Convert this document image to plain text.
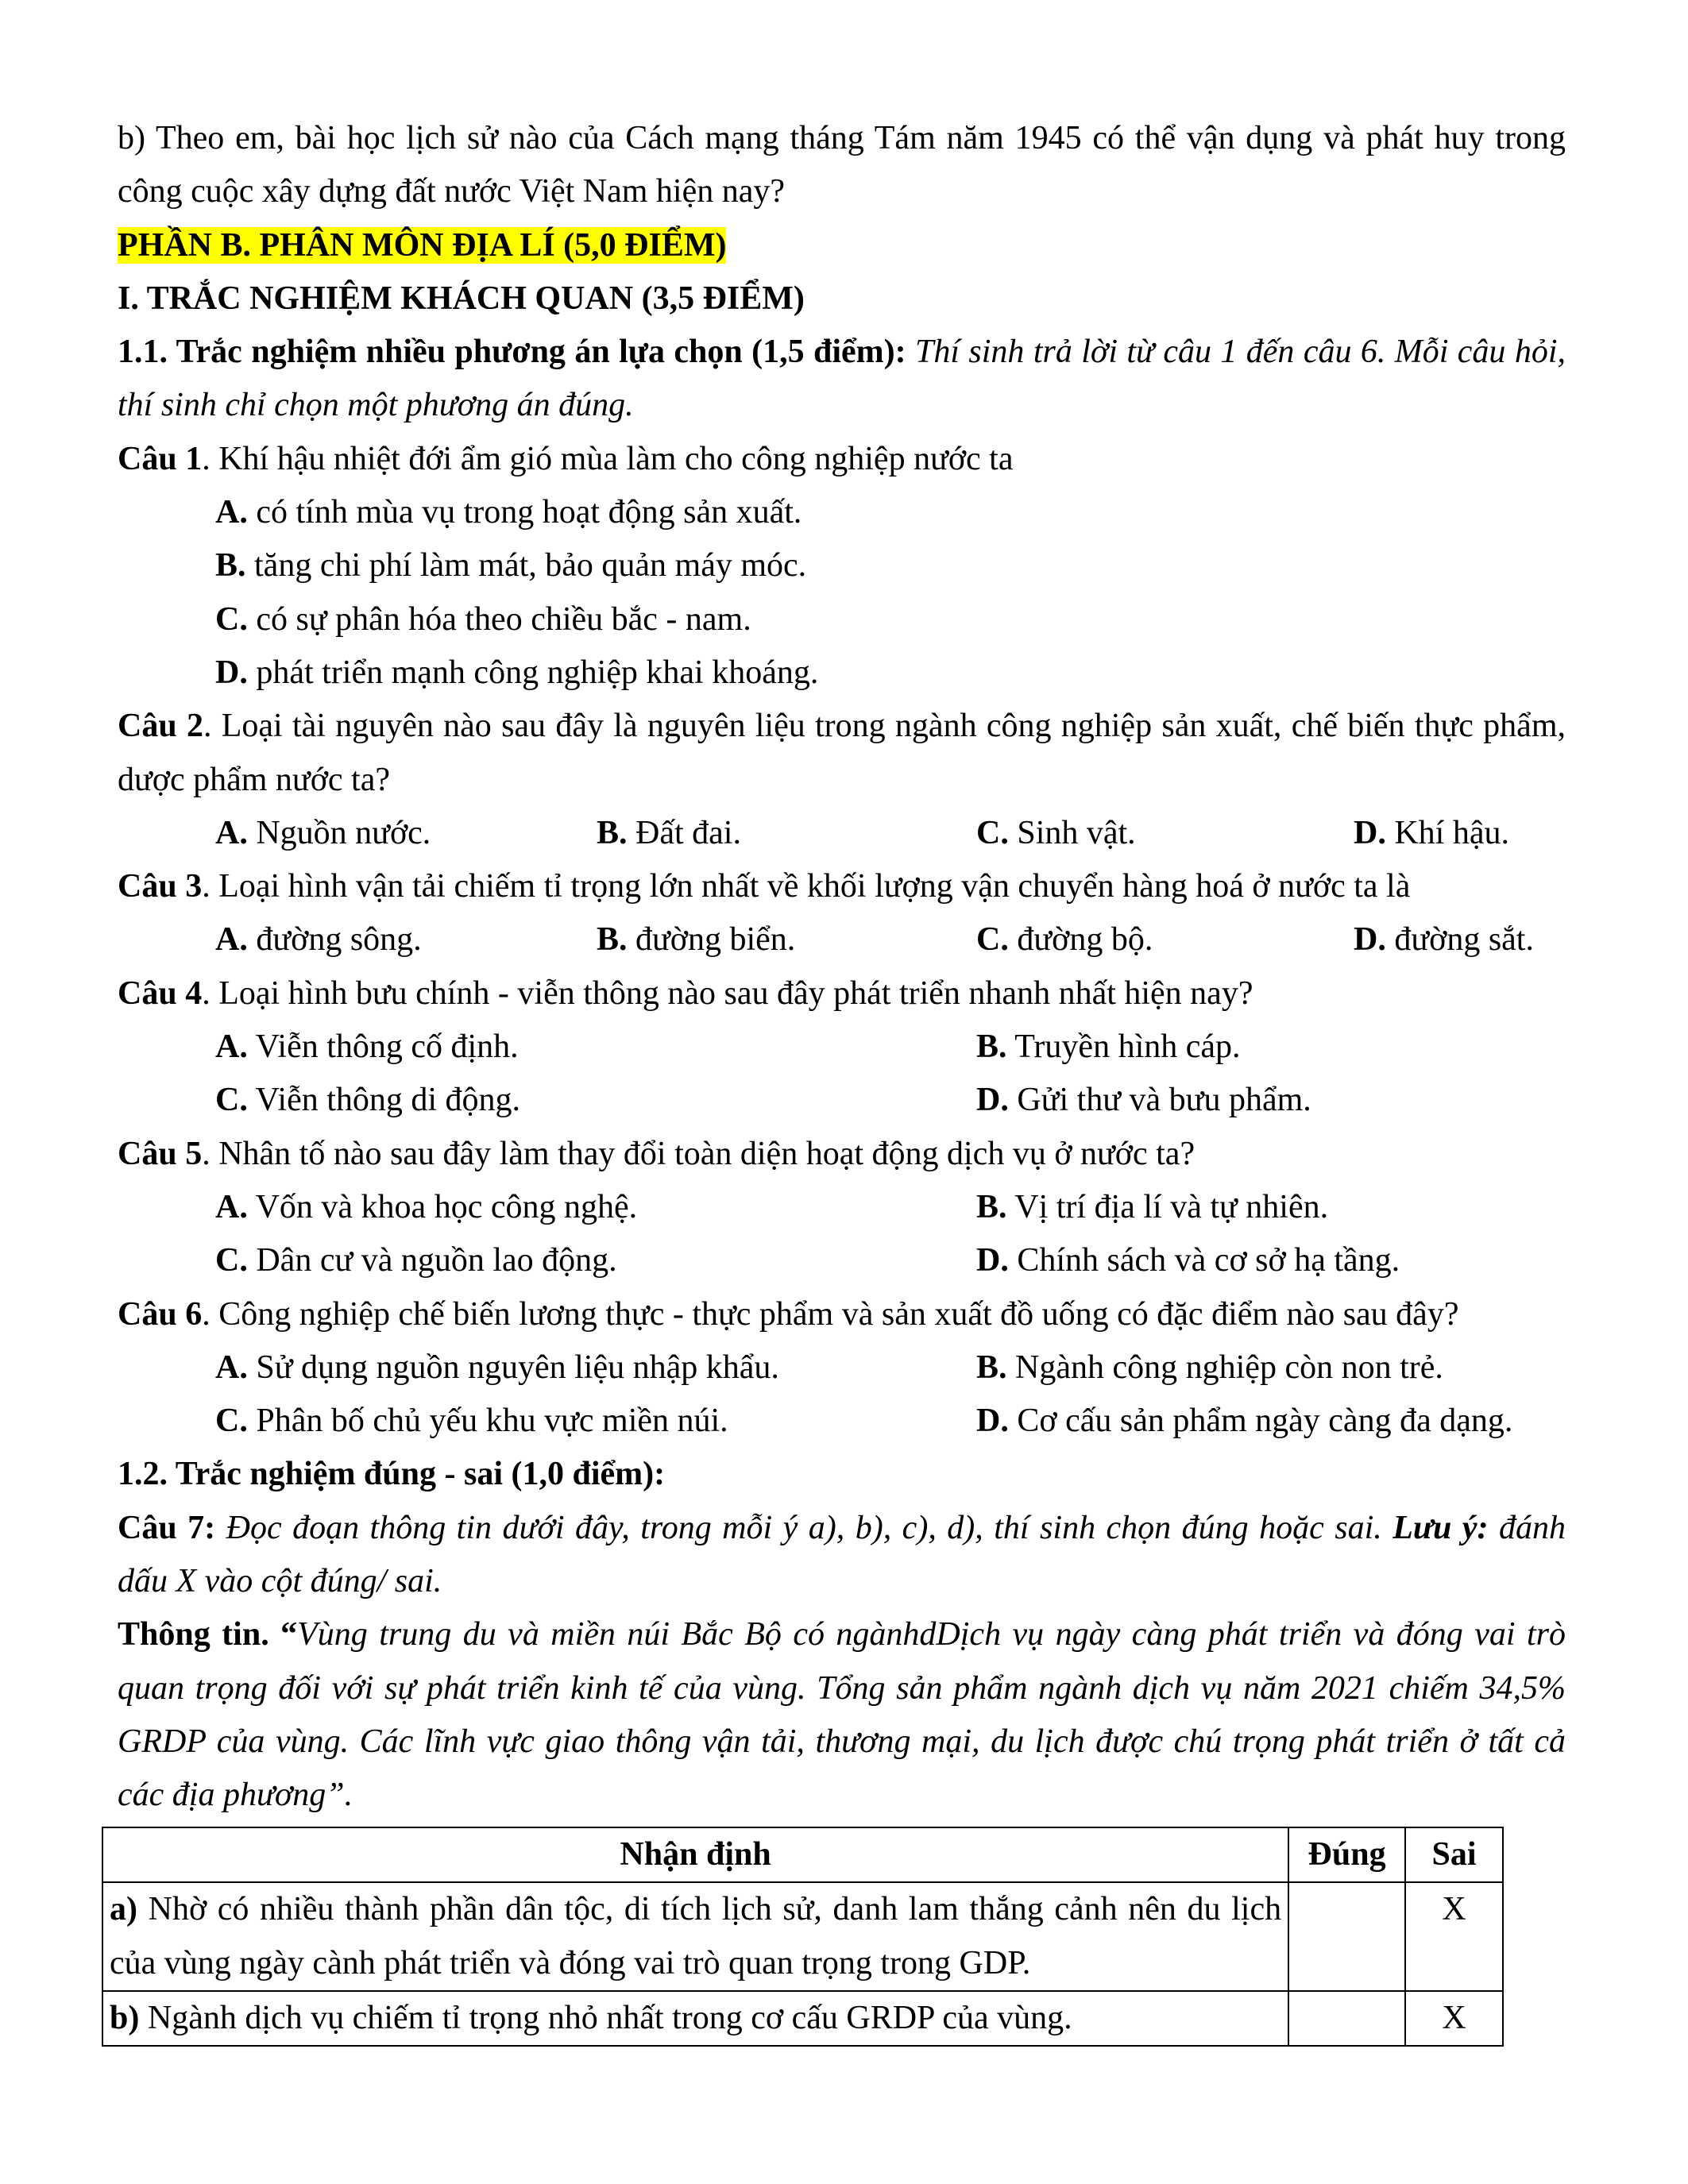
b) Theo em, bài học lịch sử nào của Cách mạng tháng Tám năm 1945 có thể vận dụng và phát huy trong công cuộc xây dựng đất nước Việt Nam hiện nay?

PHẦN B. PHÂN MÔN ĐỊA LÍ (5,0 ĐIỂM)

I. TRẮC NGHIỆM KHÁCH QUAN (3,5 ĐIỂM)

1.1. Trắc nghiệm nhiều phương án lựa chọn (1,5 điểm): Thí sinh trả lời từ câu 1 đến câu 6. Mỗi câu hỏi, thí sinh chỉ chọn một phương án đúng.

Câu 1. Khí hậu nhiệt đới ẩm gió mùa làm cho công nghiệp nước ta

A. có tính mùa vụ trong hoạt động sản xuất.
B. tăng chi phí làm mát, bảo quản máy móc.
C. có sự phân hóa theo chiều bắc - nam.
D. phát triển mạnh công nghiệp khai khoáng.

Câu 2. Loại tài nguyên nào sau đây là nguyên liệu trong ngành công nghiệp sản xuất, chế biến thực phẩm, dược phẩm nước ta?

A. Nguồn nước.	B. Đất đai.	C. Sinh vật.	D. Khí hậu.

Câu 3. Loại hình vận tải chiếm tỉ trọng lớn nhất về khối lượng vận chuyển hàng hoá ở nước ta là

A. đường sông.	B. đường biển.	C. đường bộ.	D. đường sắt.

Câu 4. Loại hình bưu chính - viễn thông nào sau đây phát triển nhanh nhất hiện nay?

A. Viễn thông cố định.	B. Truyền hình cáp.
C. Viễn thông di động.	D. Gửi thư và bưu phẩm.

Câu 5. Nhân tố nào sau đây làm thay đổi toàn diện hoạt động dịch vụ ở nước ta?

A. Vốn và khoa học công nghệ.	B. Vị trí địa lí và tự nhiên.
C. Dân cư và nguồn lao động.	D. Chính sách và cơ sở hạ tầng.

Câu 6. Công nghiệp chế biến lương thực - thực phẩm và sản xuất đồ uống có đặc điểm nào sau đây?

A. Sử dụng nguồn nguyên liệu nhập khẩu.	B. Ngành công nghiệp còn non trẻ.
C. Phân bố chủ yếu khu vực miền núi.	D. Cơ cấu sản phẩm ngày càng đa dạng.

1.2. Trắc nghiệm đúng - sai (1,0 điểm):

Câu 7: Đọc đoạn thông tin dưới đây, trong mỗi ý a), b), c), d), thí sinh chọn đúng hoặc sai. Lưu ý: đánh dấu X vào cột đúng/ sai.

Thông tin. “Vùng trung du và miền núi Bắc Bộ có ngànhdDịch vụ ngày càng phát triển và đóng vai trò quan trọng đối với sự phát triển kinh tế của vùng. Tổng sản phẩm ngành dịch vụ năm 2021 chiếm 34,5% GRDP của vùng. Các lĩnh vực giao thông vận tải, thương mại, du lịch được chú trọng phát triển ở tất cả các địa phương”.

Nhận định	Đúng	Sai
a) Nhờ có nhiều thành phần dân tộc, di tích lịch sử, danh lam thắng cảnh nên du lịch của vùng ngày cành phát triển và đóng vai trò quan trọng trong GDP.		X
b) Ngành dịch vụ chiếm tỉ trọng nhỏ nhất trong cơ cấu GRDP của vùng.		X
